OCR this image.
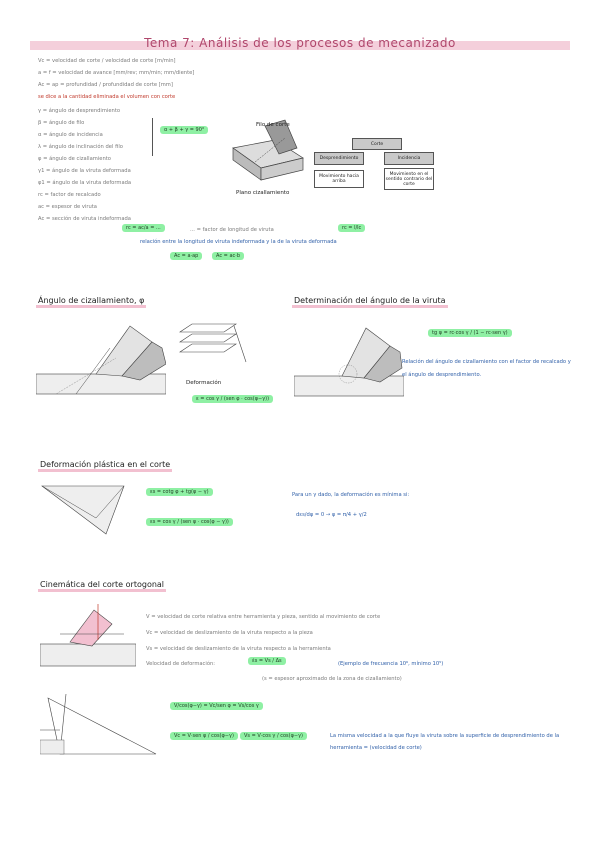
Tema 7: Análisis de los procesos de mecanizado
Vc = velocidad de corte / velocidad de corte [m/min]
a = f = velocidad de avance [mm/rev; mm/min; mm/diente]
Ac = ap = profundidad / profundidad de corte [mm]
se dice a la cantidad eliminada el volumen con corte
γ = ángulo de desprendimiento
β = ángulo de filo
α = ángulo de incidencia
λ = ángulo de inclinación del filo
φ = ángulo de cizallamiento
γ1 = ángulo de la viruta deformada
φ1 = ángulo de la viruta deformada
rc = factor de recalcado
ac = espesor de viruta
Ac = sección de viruta indeformada
α + β + γ = 90°
rc = ac/a = ...	... = factor de longitud de viruta	rc = l/lc
relación entre la longitud de viruta indeformada y la de la viruta deformada
Ac = a·ap	Ac = ac·b
Filo de corte
Plano cizallamiento
Corte
Desprendimiento	Incidencia
Movimiento hacia arriba
Movimiento en el sentido contrario del corte
Ángulo de cizallamiento, φ
Deformación
ε = cos γ / (sen φ · cos(φ−γ))
Determinación del ángulo de la viruta
tg φ = rc·cos γ / (1 − rc·sen γ)
Relación del ángulo de cizallamiento con el factor de recalcado y el ángulo de desprendimiento.
Deformación plástica en el corte
εs = cotg φ + tg(φ − γ)
εs = cos γ / (sen φ · cos(φ − γ))
Para un γ dado, la deformación es mínima si:
dεs/dφ = 0 → φ = π/4 + γ/2
Cinemática del corte ortogonal
V = velocidad de corte relativa entre herramienta y pieza, sentido al movimiento de corte
Vc = velocidad de deslizamiento de la viruta respecto a la pieza
Vs = velocidad de deslizamiento de la viruta respecto a la herramienta
Velocidad de deformación:	ε̇s = Vs / Δs	(Ejemplo de frecuencia 10⁶, mínimo 10⁵)
(s = espesor aproximado de la zona de cizallamiento)
V/cos(φ−γ) = Vc/sen φ = Vs/cos γ
Vc = V·sen φ / cos(φ−γ)	Vs = V·cos γ / cos(φ−γ)	La misma velocidad a la que fluye la viruta sobre la superficie de desprendimiento de la herramienta = (velocidad de corte)
